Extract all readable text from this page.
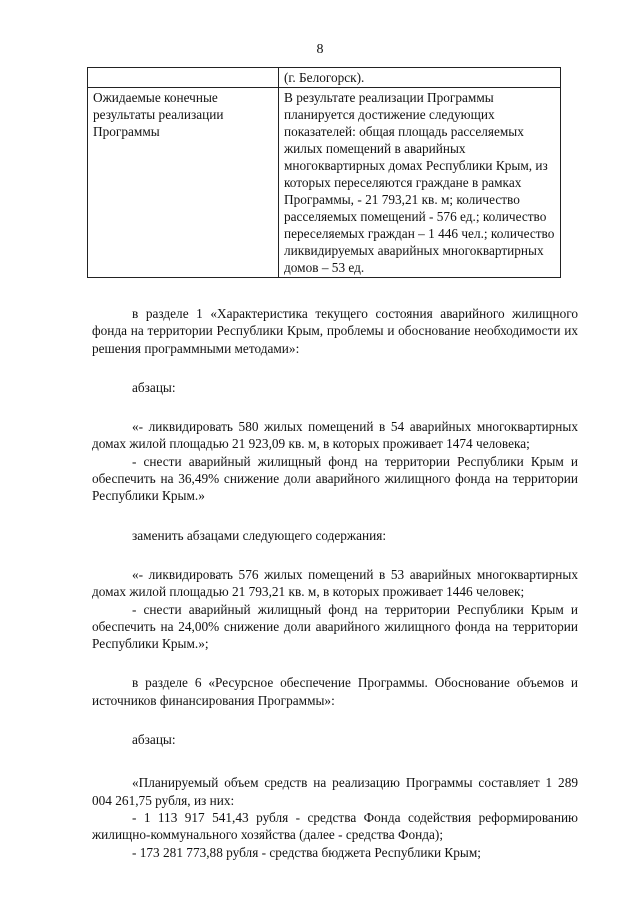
8
	(г. Белогорск).
Ожидаемые конечные результаты реализации Программы	В результате реализации Программы планируется достижение следующих показателей: общая площадь расселяемых жилых помещений в аварийных многоквартирных домах Республики Крым, из которых переселяются граждане в рамках Программы, - 21 793,21 кв. м; количество расселяемых помещений - 576 ед.; количество переселяемых граждан – 1 446 чел.; количество ликвидируемых аварийных многоквартирных домов – 53 ед.

в разделе 1 «Характеристика текущего состояния аварийного жилищного фонда на территории Республики Крым, проблемы и обоснование необходимости их решения программными методами»:

абзацы:

«- ликвидировать 580 жилых помещений в 54 аварийных многоквартирных домах жилой площадью 21 923,09 кв. м, в которых проживает 1474 человека;

- снести аварийный жилищный фонд на территории Республики Крым и обеспечить на 36,49% снижение доли аварийного жилищного фонда на территории Республики Крым.»

заменить абзацами следующего содержания:

«- ликвидировать 576 жилых помещений в 53 аварийных многоквартирных домах жилой площадью 21 793,21 кв. м, в которых проживает 1446 человек;

- снести аварийный жилищный фонд на территории Республики Крым и обеспечить на 24,00% снижение доли аварийного жилищного фонда на территории Республики Крым.»;

в разделе 6 «Ресурсное обеспечение Программы. Обоснование объемов и источников финансирования Программы»:

абзацы:

«Планируемый объем средств на реализацию Программы составляет 1 289 004 261,75 рубля, из них:

- 1 113 917 541,43 рубля - средства Фонда содействия реформированию жилищно-коммунального хозяйства (далее - средства Фонда);

- 173 281 773,88 рубля - средства бюджета Республики Крым;
